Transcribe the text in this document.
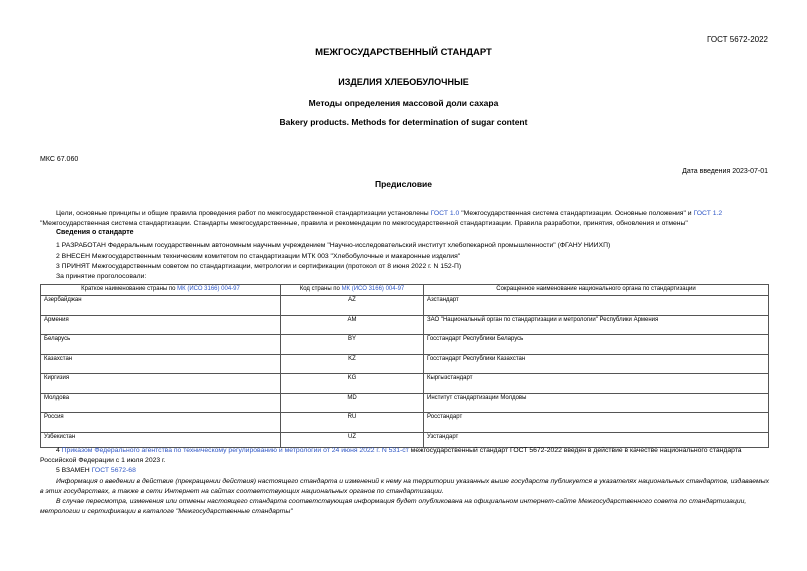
ГОСТ 5672-2022
МЕЖГОСУДАРСТВЕННЫЙ СТАНДАРТ
ИЗДЕЛИЯ ХЛЕБОБУЛОЧНЫЕ
Методы определения массовой доли сахара
Bakery products. Methods for determination of sugar content
МКС 67.060
Дата введения 2023-07-01
Предисловие
Цели, основные принципы и общие правила проведения работ по межгосударственной стандартизации установлены ГОСТ 1.0 "Межгосударственная система стандартизации. Основные положения" и ГОСТ 1.2 "Межгосударственная система стандартизации. Стандарты межгосударственные, правила и рекомендации по межгосударственной стандартизации. Правила разработки, принятия, обновления и отмены"
Сведения о стандарте
1 РАЗРАБОТАН Федеральным государственным автономным научным учреждением "Научно-исследовательский институт хлебопекарной промышленности" (ФГАНУ НИИХП)
2 ВНЕСЕН Межгосударственным техническим комитетом по стандартизации МТК 003 "Хлебобулочные и макаронные изделия"
3 ПРИНЯТ Межгосударственным советом по стандартизации, метрологии и сертификации (протокол от 8 июня 2022 г. N 152-П)
За принятие проголосовали:
Краткое наименование страны по МК (ИСО 3166) 004-97	Код страны по МК (ИСО 3166) 004-97	Сокращенное наименование национального органа по стандартизации
Азербайджан	AZ	Азстандарт
Армения	AM	ЗАО "Национальный орган по стандартизации и метрологии" Республики Армения
Беларусь	BY	Госстандарт Республики Беларусь
Казахстан	KZ	Госстандарт Республики Казахстан
Киргизия	KG	Кыргызстандарт
Молдова	MD	Институт стандартизации Молдовы
Россия	RU	Росстандарт
Узбекистан	UZ	Узстандарт
4 Приказом Федерального агентства по техническому регулированию и метрологии от 24 июня 2022 г. N 531-ст межгосударственный стандарт ГОСТ 5672-2022 введен в действие в качестве национального стандарта Российской Федерации с 1 июля 2023 г.
5 ВЗАМЕН ГОСТ 5672-68
Информация о введении в действие (прекращении действия) настоящего стандарта и изменений к нему на территории указанных выше государств публикуется в указателях национальных стандартов, издаваемых в этих государствах, а также в сети Интернет на сайтах соответствующих национальных органов по стандартизации.
В случае пересмотра, изменения или отмены настоящего стандарта соответствующая информация будет опубликована на официальном интернет-сайте Межгосударственного совета по стандартизации, метрологии и сертификации в каталоге "Межгосударственные стандарты"
